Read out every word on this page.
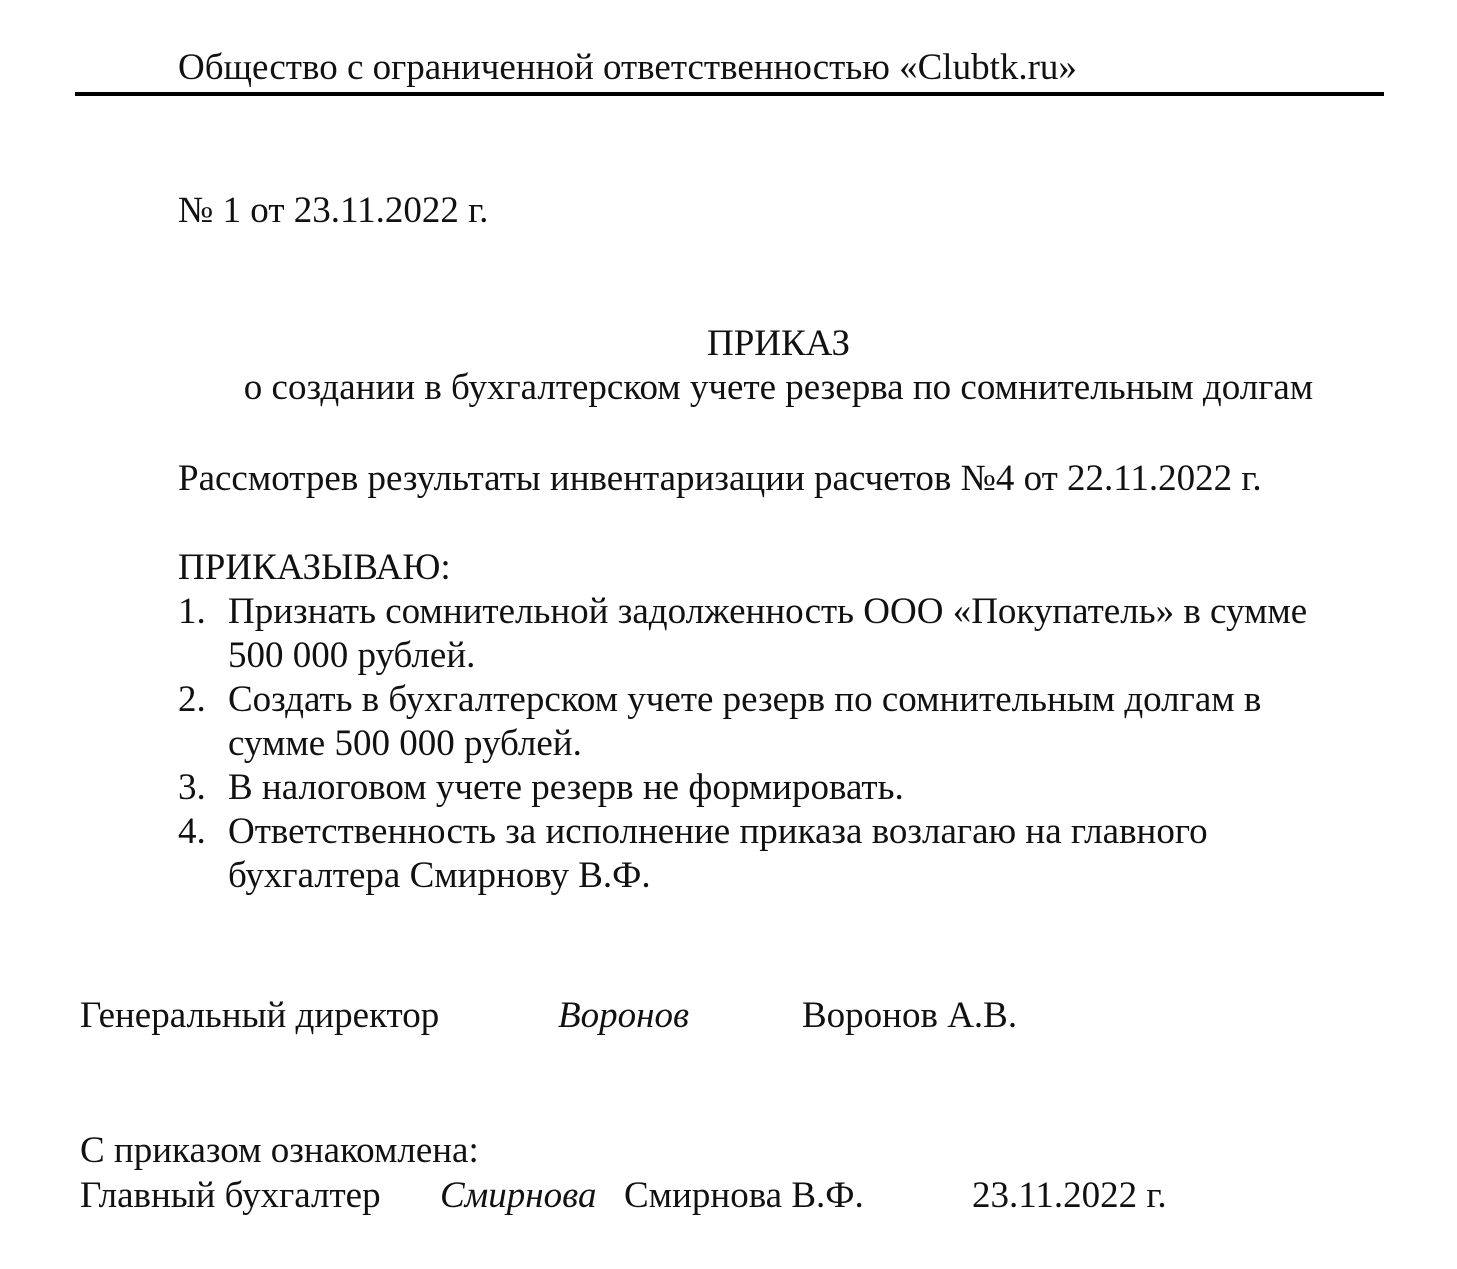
Общество с ограниченной ответственностью «Clubtk.ru»
№ 1 от 23.11.2022 г.
ПРИКАЗ
о создании в бухгалтерском учете резерва по сомнительным долгам
Рассмотрев результаты инвентаризации расчетов №4 от 22.11.2022 г.
ПРИКАЗЫВАЮ:
1. Признать сомнительной задолженность ООО «Покупатель» в сумме
500 000 рублей.
2. Создать в бухгалтерском учете резерв по сомнительным долгам в
сумме 500 000 рублей.
3. В налоговом учете резерв не формировать.
4. Ответственность за исполнение приказа возлагаю на главного
бухгалтера Смирнову В.Ф.
Генеральный директор	Воронов	Воронов А.В.
С приказом ознакомлена:
Главный бухгалтер Смирнова Смирнова В.Ф.	23.11.2022 г.
